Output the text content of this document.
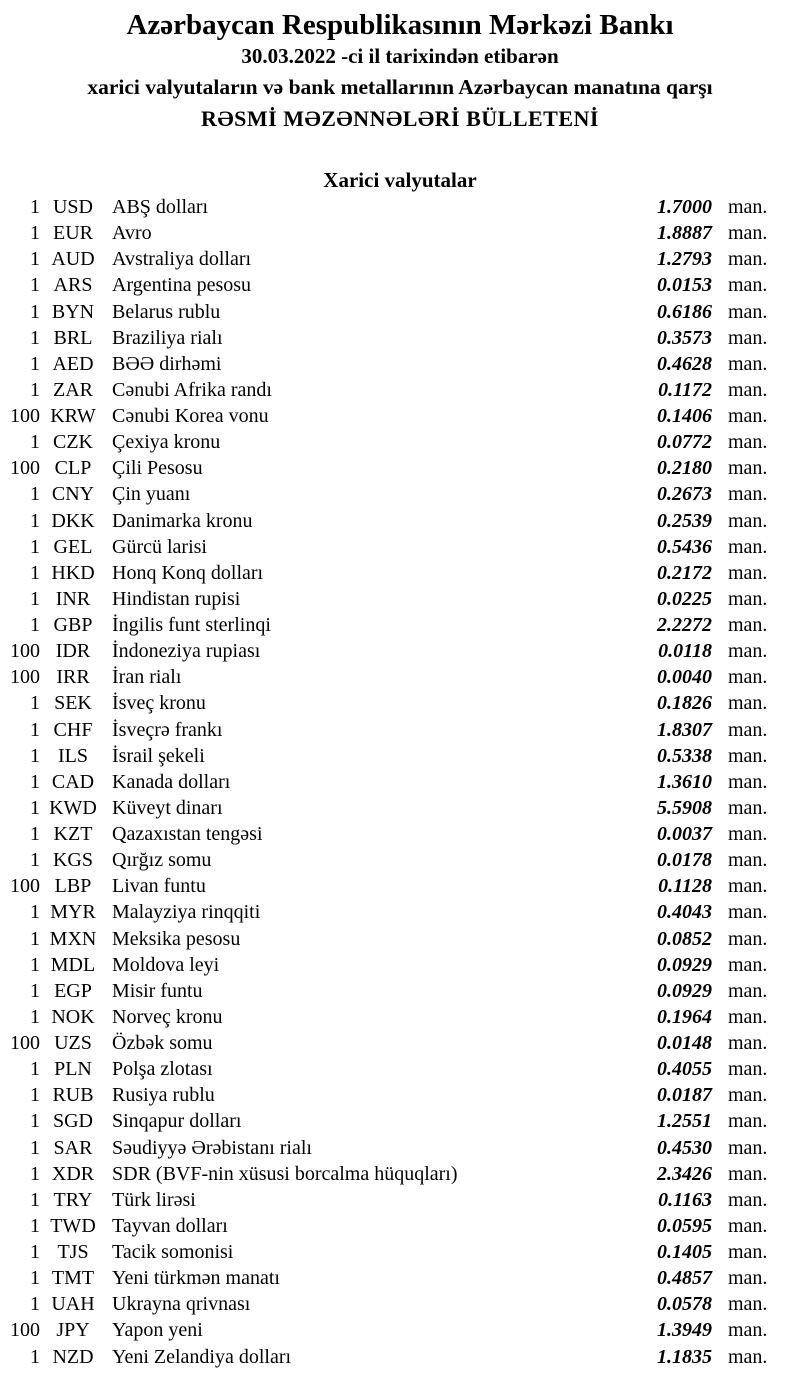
Azərbaycan Respublikasının Mərkəzi Bankı
30.03.2022 -ci il tarixindən etibarən
xarici valyutaların və bank metallarının Azərbaycan manatına qarşı
RƏSMİ MƏZƏNNƏLƏRİ BÜLLETENİ
Xarici valyutalar
1 USD ABŞ dolları	1.7000 man.
1 EUR Avro	1.8887 man.
1 AUD Avstraliya dolları	1.2793 man.
1 ARS Argentina pesosu	0.0153 man.
1 BYN Belarus rublu	0.6186 man.
1 BRL Braziliya rialı	0.3573 man.
1 AED BƏƏ dirhəmi	0.4628 man.
1 ZAR Cənubi Afrika randı	0.1172 man.
100 KRW Cənubi Korea vonu	0.1406 man.
1 CZK Çexiya kronu	0.0772 man.
100 CLP	Çili Pesosu	0.2180 man.
1 CNY Çin yuanı	0.2673 man.
1 DKK Danimarka kronu	0.2539 man.
1 GEL Gürcü larisi	0.5436 man.
1 HKD Honq Konq dolları	0.2172 man.
1 INR	Hindistan rupisi	0.0225 man.
1 GBP İngilis funt sterlinqi	2.2272 man.
100 IDR	İndoneziya rupiası	0.0118 man.
100 IRR	İran rialı	0.0040 man.
1 SEK	İsveç kronu	0.1826 man.
1 CHF İsveçrə frankı	1.8307 man.
1 ILS	İsrail şekeli	0.5338 man.
1 CAD Kanada dolları	1.3610 man.
1 KWD Küveyt dinarı	5.5908 man.
1 KZT Qazaxıstan tengəsi	0.0037 man.
1 KGS Qırğız somu	0.0178 man.
100 LBP	Livan funtu	0.1128 man.
1 MYR Malayziya rinqqiti	0.4043 man.
1 MXN Meksika pesosu	0.0852 man.
1 MDL Moldova leyi	0.0929 man.
1 EGP	Misir funtu	0.0929 man.
1 NOK Norveç kronu	0.1964 man.
100 UZS	Özbək somu	0.0148 man.
1 PLN	Polşa zlotası	0.4055 man.
1 RUB Rusiya rublu	0.0187 man.
1 SGD Sinqapur dolları	1.2551 man.
1 SAR Səudiyyə Ərəbistanı rialı	0.4530 man.
1 XDR SDR (BVF-nin xüsusi borcalma hüquqları)	2.3426 man.
1 TRY Türk lirəsi	0.1163 man.
1 TWD Tayvan dolları	0.0595 man.
1 TJS	Tacik somonisi	0.1405 man.
1 TMT Yeni türkmən manatı	0.4857 man.
1 UAH Ukrayna qrivnası	0.0578 man.
100 JPY	Yapon yeni	1.3949 man.
1 NZD Yeni Zelandiya dolları	1.1835 man.
